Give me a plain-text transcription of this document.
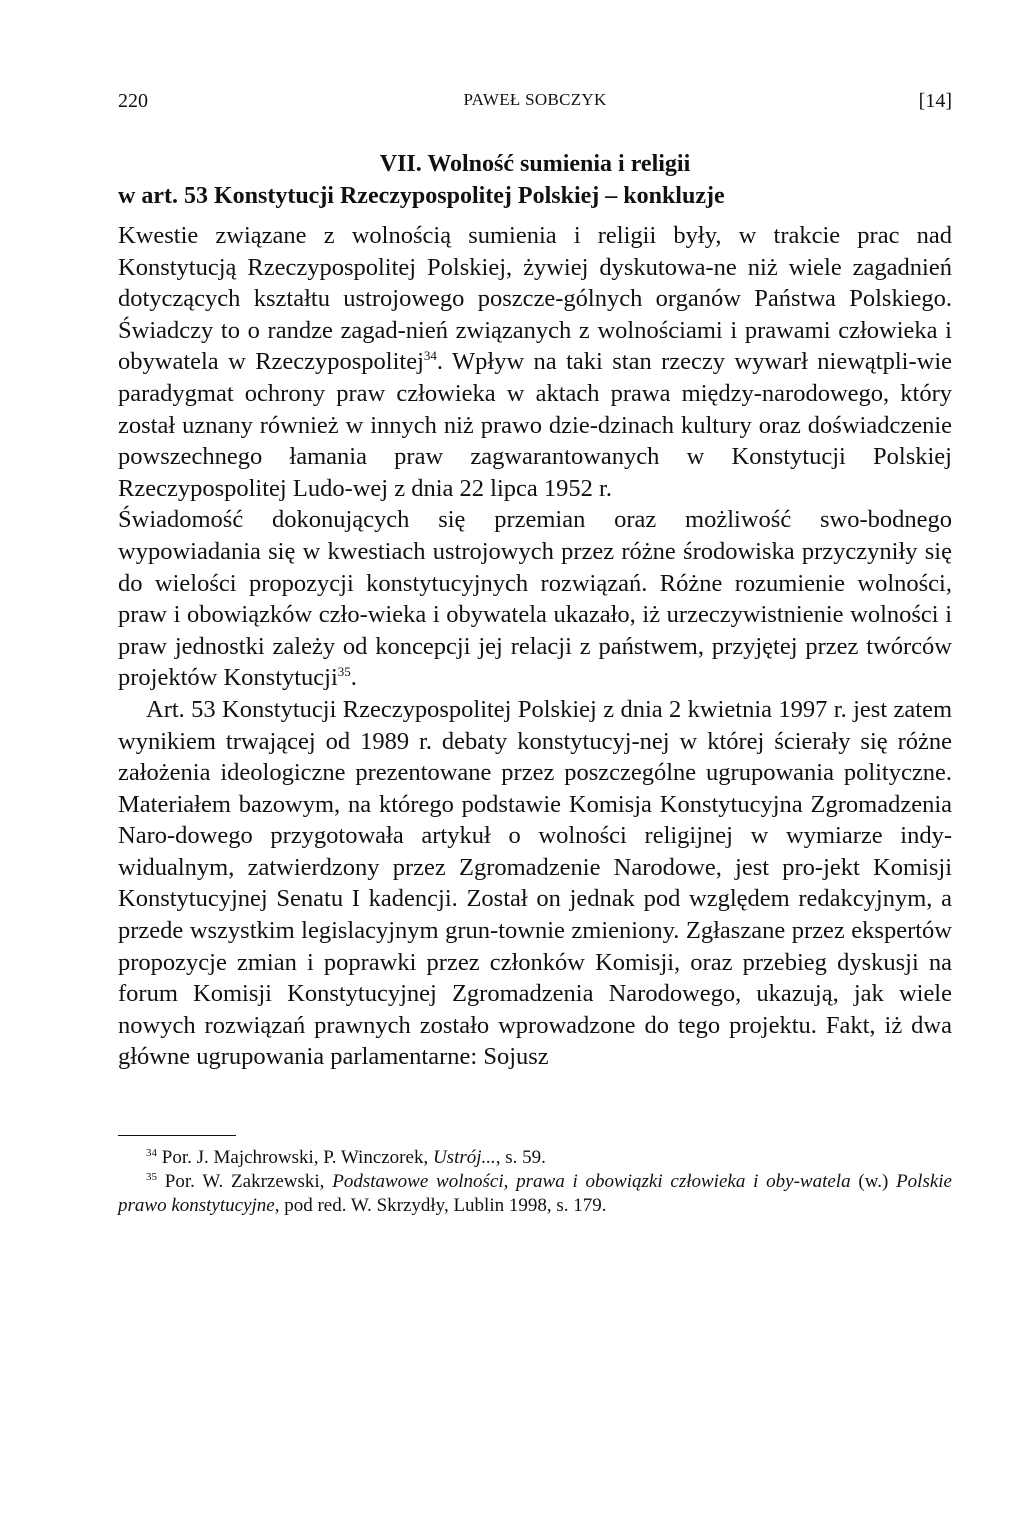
220	PAWEŁ SOBCZYK	[14]
VII. Wolność sumienia i religii
w art. 53 Konstytucji Rzeczypospolitej Polskiej – konkluzje

Kwestie związane z wolnością sumienia i religii były, w trakcie prac nad Konstytucją Rzeczypospolitej Polskiej, żywiej dyskutowa-ne niż wiele zagadnień dotyczących kształtu ustrojowego poszcze-gólnych organów Państwa Polskiego. Świadczy to o randze zagad-nień związanych z wolnościami i prawami człowieka i obywatela w Rzeczypospolitej$^{34}$. Wpływ na taki stan rzeczy wywarł niewątpli-wie paradygmat ochrony praw człowieka w aktach prawa między-narodowego, który został uznany również w innych niż prawo dzie-dzinach kultury oraz doświadczenie powszechnego łamania praw zagwarantowanych w Konstytucji Polskiej Rzeczypospolitej Ludo-wej z dnia 22 lipca 1952 r.

Świadomość dokonujących się przemian oraz możliwość swo-bodnego wypowiadania się w kwestiach ustrojowych przez różne środowiska przyczyniły się do wielości propozycji konstytucyjnych rozwiązań. Różne rozumienie wolności, praw i obowiązków czło-wieka i obywatela ukazało, iż urzeczywistnienie wolności i praw jednostki zależy od koncepcji jej relacji z państwem, przyjętej przez twórców projektów Konstytucji$^{35}$.

Art. 53 Konstytucji Rzeczypospolitej Polskiej z dnia 2 kwietnia 1997 r. jest zatem wynikiem trwającej od 1989 r. debaty konstytucyj-nej w której ścierały się różne założenia ideologiczne prezentowane przez poszczególne ugrupowania polityczne. Materiałem bazowym, na którego podstawie Komisja Konstytucyjna Zgromadzenia Naro-dowego przygotowała artykuł o wolności religijnej w wymiarze indy-widualnym, zatwierdzony przez Zgromadzenie Narodowe, jest pro-jekt Komisji Konstytucyjnej Senatu I kadencji. Został on jednak pod względem redakcyjnym, a przede wszystkim legislacyjnym grun-townie zmieniony. Zgłaszane przez ekspertów propozycje zmian i poprawki przez członków Komisji, oraz przebieg dyskusji na forum Komisji Konstytucyjnej Zgromadzenia Narodowego, ukazują, jak wiele nowych rozwiązań prawnych zostało wprowadzone do tego projektu. Fakt, iż dwa główne ugrupowania parlamentarne: Sojusz

$^{34}$ Por. J. Majchrowski, P. Winczorek, Ustrój..., s. 59.

$^{35}$ Por. W. Zakrzewski, Podstawowe wolności, prawa i obowiązki człowieka i oby-watela (w.) Polskie prawo konstytucyjne, pod red. W. Skrzydły, Lublin 1998, s. 179.
